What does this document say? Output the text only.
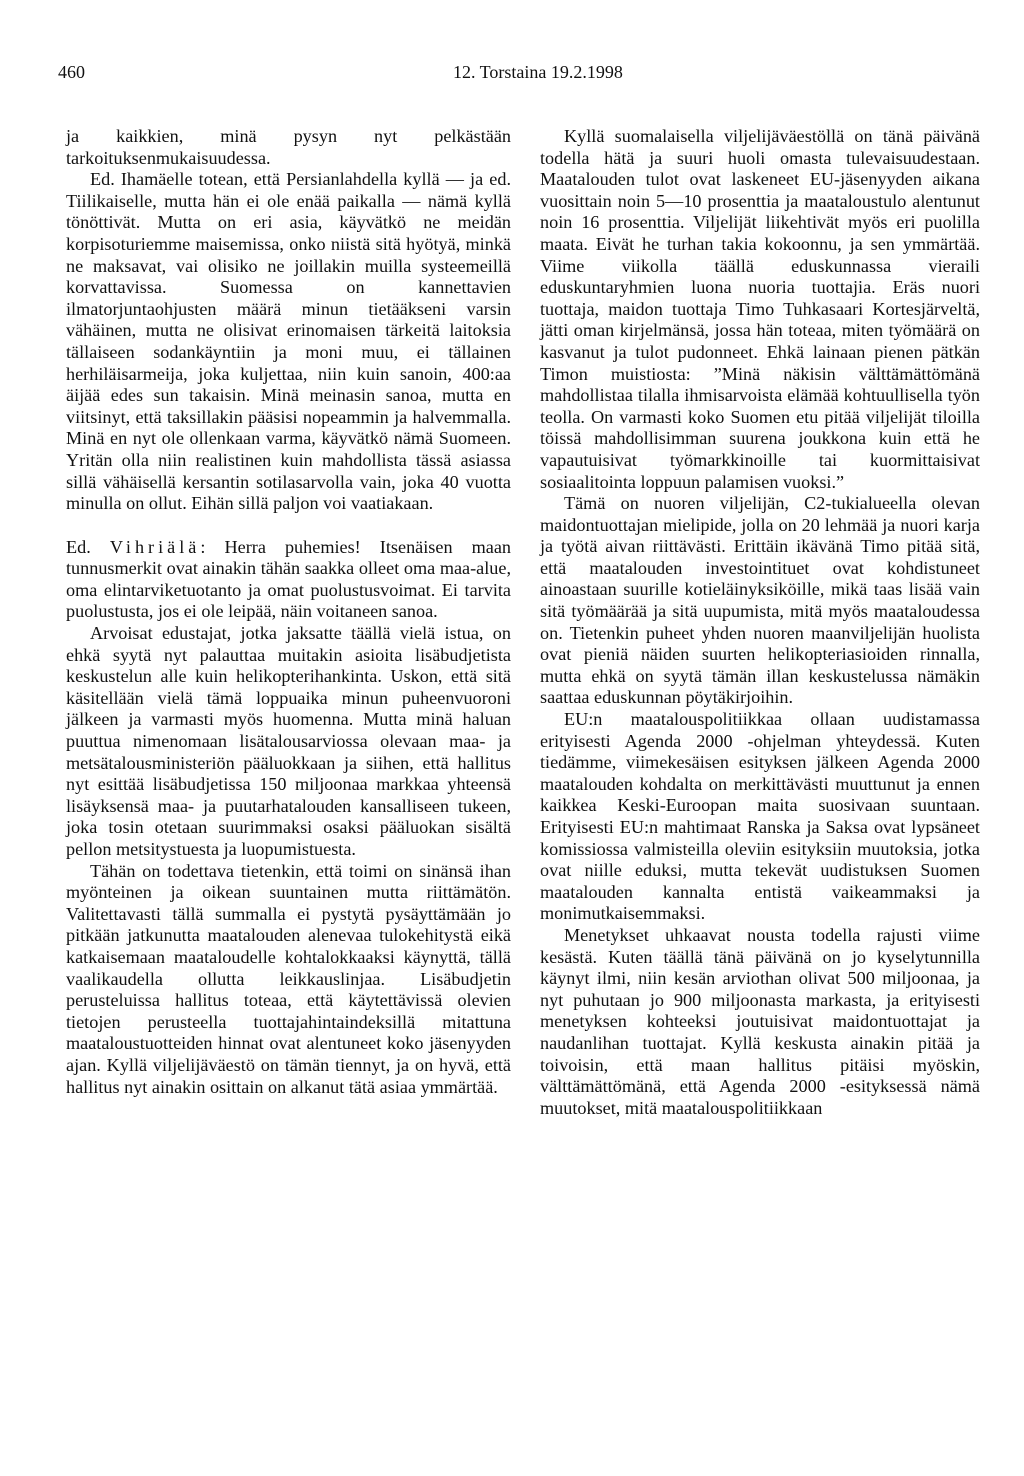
460	12. Torstaina 19.2.1998

ja kaikkien, minä pysyn nyt pelkästään tarkoituksenmukaisuudessa.

Ed. Ihamäelle totean, että Persianlahdella kyllä — ja ed. Tiilikaiselle, mutta hän ei ole enää paikalla — nämä kyllä tönöttivät. Mutta on eri asia, käyvätkö ne meidän korpisoturiemme maisemissa, onko niistä sitä hyötyä, minkä ne maksavat, vai olisiko ne joillakin muilla systeemeillä korvattavissa. Suomessa on kannettavien ilmatorjuntaohjusten määrä minun tietääkseni varsin vähäinen, mutta ne olisivat erinomaisen tärkeitä laitoksia tällaiseen sodankäyntiin ja moni muu, ei tällainen herhiläisarmeija, joka kuljettaa, niin kuin sanoin, 400:aa äijää edes sun takaisin. Minä meinasin sanoa, mutta en viitsinyt, että taksillakin pääsisi nopeammin ja halvemmalla. Minä en nyt ole ollenkaan varma, käyvätkö nämä Suomeen. Yritän olla niin realistinen kuin mahdollista tässä asiassa sillä vähäisellä kersantin sotilasarvolla vain, joka 40 vuotta minulla on ollut. Eihän sillä paljon voi vaatiakaan.

Ed. Vihriälä: Herra puhemies! Itsenäisen maan tunnusmerkit ovat ainakin tähän saakka olleet oma maa-alue, oma elintarviketuotanto ja omat puolustusvoimat. Ei tarvita puolustusta, jos ei ole leipää, näin voitaneen sanoa.

Arvoisat edustajat, jotka jaksatte täällä vielä istua, on ehkä syytä nyt palauttaa muitakin asioita lisäbudjetista keskustelun alle kuin helikopterihankinta. Uskon, että sitä käsitellään vielä tämä loppuaika minun puheenvuoroni jälkeen ja varmasti myös huomenna. Mutta minä haluan puuttua nimenomaan lisätalousarviossa olevaan maa- ja metsätalousministeriön pääluokkaan ja siihen, että hallitus nyt esittää lisäbudjetissa 150 miljoonaa markkaa yhteensä lisäyksensä maa- ja puutarhatalouden kansalliseen tukeen, joka tosin otetaan suurimmaksi osaksi pääluokan sisältä pellon metsitystuesta ja luopumistuesta.

Tähän on todettava tietenkin, että toimi on sinänsä ihan myönteinen ja oikean suuntainen mutta riittämätön. Valitettavasti tällä summalla ei pystytä pysäyttämään jo pitkään jatkunutta maatalouden alenevaa tulokehitystä eikä katkaisemaan maataloudelle kohtalokkaaksi käynyttä, tällä vaalikaudella ollutta leikkauslinjaa. Lisäbudjetin perusteluissa hallitus toteaa, että käytettävissä olevien tietojen perusteella tuottajahintaindeksillä mitattuna maataloustuotteiden hinnat ovat alentuneet koko jäsenyyden ajan. Kyllä viljelijäväestö on tämän tiennyt, ja on hyvä, että hallitus nyt ainakin osittain on alkanut tätä asiaa ymmärtää.

Kyllä suomalaisella viljelijäväestöllä on tänä päivänä todella hätä ja suuri huoli omasta tulevaisuudestaan. Maatalouden tulot ovat laskeneet EU-jäsenyyden aikana vuosittain noin 5—10 prosenttia ja maataloustulo alentunut noin 16 prosenttia. Viljelijät liikehtivät myös eri puolilla maata. Eivät he turhan takia kokoonnu, ja sen ymmärtää. Viime viikolla täällä eduskunnassa vieraili eduskuntaryhmien luona nuoria tuottajia. Eräs nuori tuottaja, maidon tuottaja Timo Tuhkasaari Kortesjärveltä, jätti oman kirjelmänsä, jossa hän toteaa, miten työmäärä on kasvanut ja tulot pudonneet. Ehkä lainaan pienen pätkän Timon muistiosta: ”Minä näkisin välttämättömänä mahdollistaa tilalla ihmisarvoista elämää kohtuullisella työn teolla. On varmasti koko Suomen etu pitää viljelijät tiloilla töissä mahdollisimman suurena joukkona kuin että he vapautuisivat työmarkkinoille tai kuormittaisivat sosiaalitointa loppuun palamisen vuoksi.”

Tämä on nuoren viljelijän, C2-tukialueella olevan maidontuottajan mielipide, jolla on 20 lehmää ja nuori karja ja työtä aivan riittävästi. Erittäin ikävänä Timo pitää sitä, että maatalouden investointituet ovat kohdistuneet ainoastaan suurille kotieläinyksiköille, mikä taas lisää vain sitä työmäärää ja sitä uupumista, mitä myös maataloudessa on. Tietenkin puheet yhden nuoren maanviljelijän huolista ovat pieniä näiden suurten helikopteriasioiden rinnalla, mutta ehkä on syytä tämän illan keskustelussa nämäkin saattaa eduskunnan pöytäkirjoihin.

EU:n maatalouspolitiikkaa ollaan uudistamassa erityisesti Agenda 2000 -ohjelman yhteydessä. Kuten tiedämme, viimekesäisen esityksen jälkeen Agenda 2000 maatalouden kohdalta on merkittävästi muuttunut ja ennen kaikkea Keski-Euroopan maita suosivaan suuntaan. Erityisesti EU:n mahtimaat Ranska ja Saksa ovat lypsäneet komissiossa valmisteilla oleviin esityksiin muutoksia, jotka ovat niille eduksi, mutta tekevät uudistuksen Suomen maatalouden kannalta entistä vaikeammaksi ja monimutkaisemmaksi.

Menetykset uhkaavat nousta todella rajusti viime kesästä. Kuten täällä tänä päivänä on jo kyselytunnilla käynyt ilmi, niin kesän arviothan olivat 500 miljoonaa, ja nyt puhutaan jo 900 miljoonasta markasta, ja erityisesti menetyksen kohteeksi joutuisivat maidontuottajat ja naudanlihan tuottajat. Kyllä keskusta ainakin pitää ja toivoisin, että maan hallitus pitäisi myöskin, välttämättömänä, että Agenda 2000 -esityksessä nämä muutokset, mitä maatalouspolitiikkaan
